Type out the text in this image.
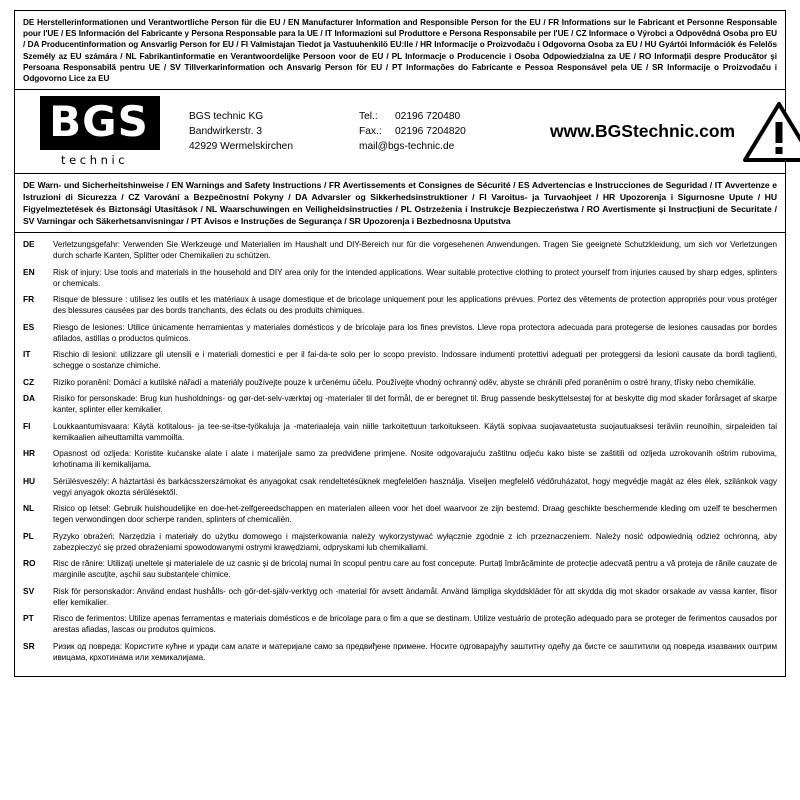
DE Herstellerinformationen und Verantwortliche Person für die EU / EN Manufacturer Information and Responsible Person for the EU / FR Informations sur le Fabricant et Personne Responsable pour l'UE / ES Información del Fabricante y Persona Responsable para la UE / IT Informazioni sul Produttore e Persona Responsabile per l'UE / CZ Informace o Výrobci a Odpovědná Osoba pro EU / DA Producentinformation og Ansvarlig Person for EU / FI Valmistajan Tiedot ja Vastuuhenkilö EU:lle / HR Informacije o Proizvođaču i Odgovorna Osoba za EU / HU Gyártói Információk és Felelős Személy az EU számára / NL Fabrikantinformatie en Verantwoordelijke Persoon voor de EU / PL Informacje o Producencie i Osoba Odpowiedzialna za UE / RO Informații despre Producător și Persoana Responsabilă pentru UE / SV Tillverkarinformation och Ansvarig Person för EU / PT Informações do Fabricante e Pessoa Responsável pela UE / SR Informacije o Proizvođaču i Odgovorno Lice za EU
BGS
technic
BGS technic KG
Bandwirkerstr. 3
42929 Wermelskirchen
Tel.:	02196 720480
Fax.:	02196 7204820
mail@bgs-technic.de
www.BGStechnic.com
DE Warn- und Sicherheitshinweise / EN Warnings and Safety Instructions / FR Avertissements et Consignes de Sécurité / ES Advertencias e Instrucciones de Seguridad / IT Avvertenze e Istruzioni di Sicurezza / CZ Varování a Bezpečnostní Pokyny / DA Advarsler og Sikkerhedsinstruktioner / FI Varoitus- ja Turvaohjeet / HR Upozorenja i Sigurnosne Upute / HU Figyelmeztetések és Biztonsági Utasítások / NL Waarschuwingen en Veiligheidsinstructies / PL Ostrzeżenia i Instrukcje Bezpieczeństwa / RO Avertismente și Instrucțiuni de Securitate / SV Varningar och Säkerhetsanvisningar / PT Avisos e Instruções de Segurança / SR Upozorenja i Bezbednosna Uputstva
DE	Verletzungsgefahr: Verwenden Sie Werkzeuge und Materialien im Haushalt und DIY-Bereich nur für die vorgesehenen Anwendungen. Tragen Sie geeignete Schutzkleidung, um sich vor Verletzungen durch scharfe Kanten, Splitter oder Chemikalien zu schützen.
EN	Risk of injury: Use tools and materials in the household and DIY area only for the intended applications. Wear suitable protective clothing to protect yourself from injuries caused by sharp edges, splinters or chemicals.
FR	Risque de blessure : utilisez les outils et les matériaux à usage domestique et de bricolage uniquement pour les applications prévues. Portez des vêtements de protection appropriés pour vous protéger des blessures causées par des bords tranchants, des éclats ou des produits chimiques.
ES	Riesgo de lesiones: Utilice únicamente herramientas y materiales domésticos y de bricolaje para los fines previstos. Lleve ropa protectora adecuada para protegerse de lesiones causadas por bordes afilados, astillas o productos químicos.
IT	Rischio di lesioni: utilizzare gli utensili e i materiali domestici e per il fai-da-te solo per lo scopo previsto. Indossare indumenti protettivi adeguati per proteggersi da lesioni causate da bordi taglienti, schegge o sostanze chimiche.
CZ	Riziko poranění: Domácí a kutilské nářadí a materiály používejte pouze k určenému účelu. Používejte vhodný ochranný oděv, abyste se chránili před poraněním o ostré hrany, třísky nebo chemikálie.
DA	Risiko for personskade: Brug kun husholdnings- og gør-det-selv-værktøj og -materialer til det formål, de er beregnet til. Brug passende beskyttelsestøj for at beskytte dig mod skader forårsaget af skarpe kanter, splinter eller kemikalier.
FI	Loukkaantumisvaara: Käytä kotitalous- ja tee-se-itse-työkaluja ja -materiaaleja vain niille tarkoitettuun tarkoitukseen. Käytä sopivaa suojavaatetusta suojautuaksesi teräviin reunoihin, sirpaleiden tai kemikaalien aiheuttamilta vammoilta.
HR	Opasnost od ozljeda: Koristite kućanske alate i alate i materijale samo za predviđene primjene. Nosite odgovarajuću zaštitnu odjeću kako biste se zaštitili od ozljeda uzrokovanih oštrim rubovima, krhotinama ili kemikalijama.
HU	Sérülésveszély: A háztartási és barkácsszerszámokat és anyagokat csak rendeltetésüknek megfelelően használja. Viseljen megfelelő védőruházatot, hogy megvédje magát az éles élek, szilánkok vagy vegyi anyagok okozta sérülésektől.
NL	Risico op letsel: Gebruik huishoudelijke en doe-het-zelfgereedschappen en materialen alleen voor het doel waarvoor ze zijn bestemd. Draag geschikte beschermende kleding om uzelf te beschermen tegen verwondingen door scherpe randen, splinters of chemicaliën.
PL	Ryzyko obrażeń: Narzędzia i materiały do użytku domowego i majsterkowania należy wykorzystywać wyłącznie zgodnie z ich przeznaczeniem. Należy nosić odpowiednią odzież ochronną, aby zabezpieczyć się przed obrażeniami spowodowanymi ostrymi krawędziami, odpryskami lub chemikaliami.
RO	Risc de rănire: Utilizați uneltele și materialele de uz casnic și de bricolaj numai în scopul pentru care au fost concepute. Purtați îmbrăcăminte de protecție adecvată pentru a vă proteja de rănile cauzate de marginile ascuțite, așchii sau substanțele chimice.
SV	Risk för personskador: Använd endast hushålls- och gör-det-själv-verktyg och -material för avsett ändamål. Använd lämpliga skyddskläder för att skydda dig mot skador orsakade av vassa kanter, flisor eller kemikalier.
PT	Risco de ferimentos: Utilize apenas ferramentas e materiais domésticos e de bricolage para o fim a que se destinam. Utilize vestuário de proteção adequado para se proteger de ferimentos causados por arestas afiadas, lascas ou produtos químicos.
SR	Ризик од повреда: Користите кућне и уради сам алате и материјале само за предвиђене примене. Носите одговарајућу заштитну одећу да бисте се заштитили од повреда изазваних оштрим ивицама, крхотинама или хемикалијама.
